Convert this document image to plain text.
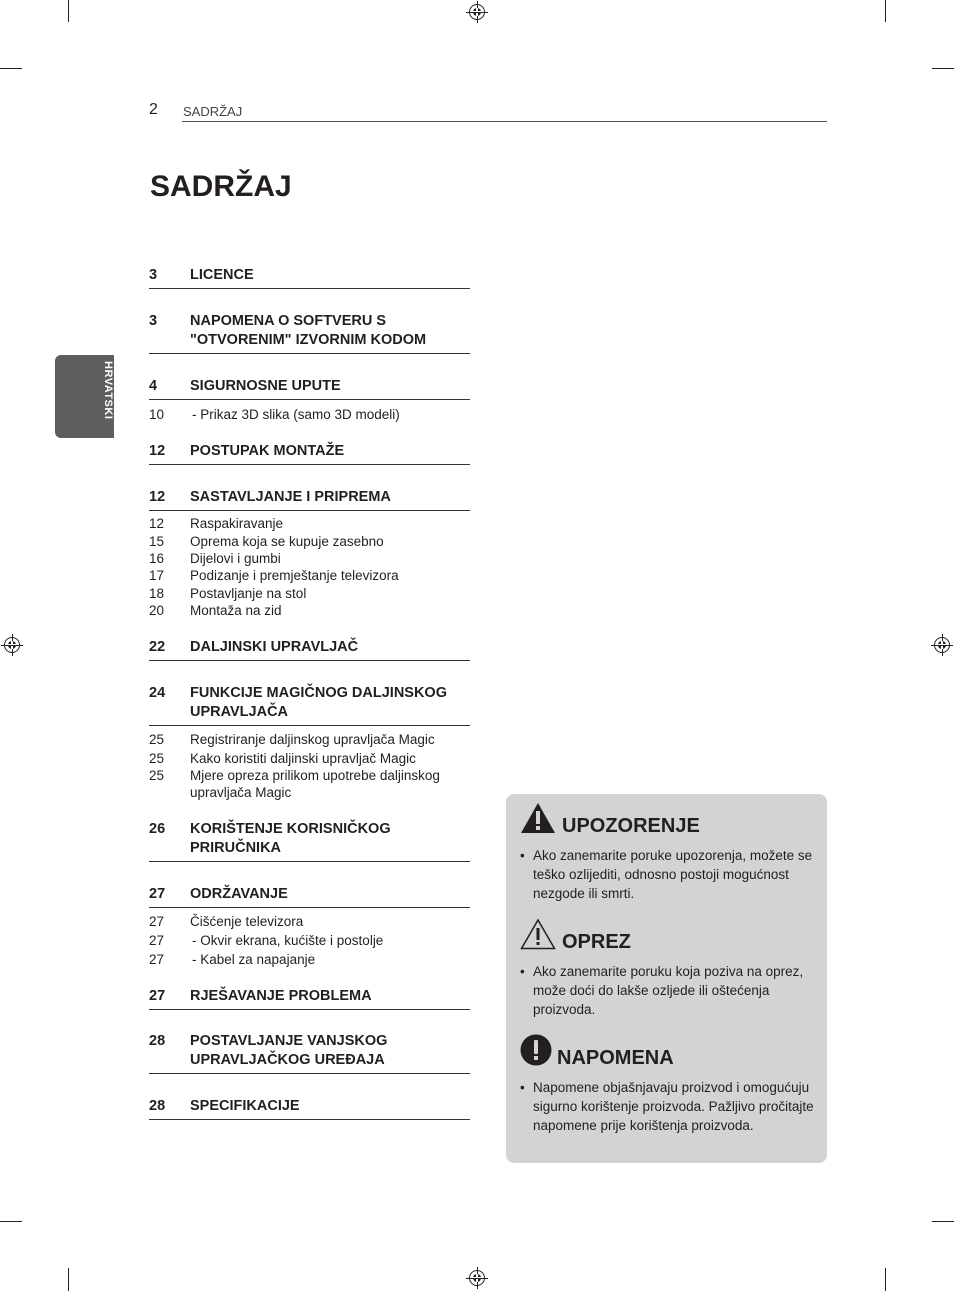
2 SADRŽAJ
SADRŽAJ
HRVATSKI
3 LICENCE
3 NAPOMENA O SOFTVERU S "OTVORENIM" IZVORNIM KODOM
4 SIGURNOSNE UPUTE
10 - Prikaz 3D slika (samo 3D modeli)
12 POSTUPAK MONTAŽE
12 SASTAVLJANJE I PRIPREMA
12 Raspakiravanje
15 Oprema koja se kupuje zasebno
16 Dijelovi i gumbi
17 Podizanje i premještanje televizora
18 Postavljanje na stol
20 Montaža na zid
22 DALJINSKI UPRAVLJAČ
24 FUNKCIJE MAGIČNOG DALJINSKOG UPRAVLJAČA
25 Registriranje daljinskog upravljača Magic
25 Kako koristiti daljinski upravljač Magic
25 Mjere opreza prilikom upotrebe daljinskog upravljača Magic
26 KORIŠTENJE KORISNIČKOG PRIRUČNIKA
27 ODRŽAVANJE
27 Čišćenje televizora
27 - Okvir ekrana, kućište i postolje
27 - Kabel za napajanje
27 RJEŠAVANJE PROBLEMA
28 POSTAVLJANJE VANJSKOG UPRAVLJAČKOG UREĐAJA
28 SPECIFIKACIJE
UPOZORENJE
• Ako zanemarite poruke upozorenja, možete se teško ozlijediti, odnosno postoji mogućnost nezgode ili smrti.
OPREZ
• Ako zanemarite poruku koja poziva na oprez, može doći do lakše ozljede ili oštećenja proizvoda.
NAPOMENA
• Napomene objašnjavaju proizvod i omogućuju sigurno korištenje proizvoda. Pažljivo pročitajte napomene prije korištenja proizvoda.
